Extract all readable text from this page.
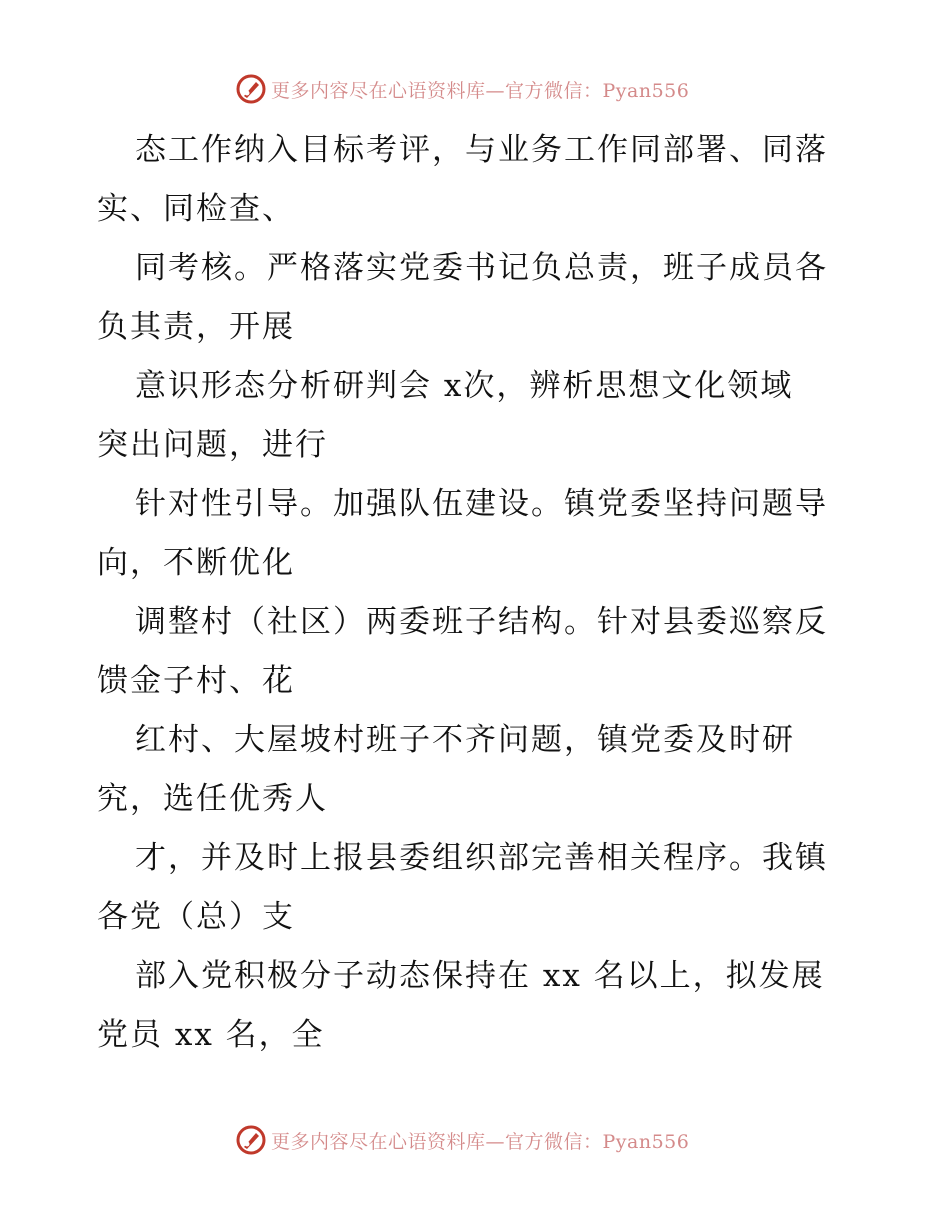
更多内容尽在心语资料库—官方微信：Pyan556
态工作纳入目标考评，与业务工作同部署、同落
实、同检查、
同考核。严格落实党委书记负总责，班子成员各
负其责，开展
意识形态分析研判会 x次，辨析思想文化领域
突出问题，进行
针对性引导。加强队伍建设。镇党委坚持问题导
向，不断优化
调整村（社区）两委班子结构。针对县委巡察反
馈金子村、花
红村、大屋坡村班子不齐问题，镇党委及时研
究，选任优秀人
才，并及时上报县委组织部完善相关程序。我镇
各党（总）支
部入党积极分子动态保持在 xx 名以上，拟发展
党员 xx 名，全
更多内容尽在心语资料库—官方微信：Pyan556
